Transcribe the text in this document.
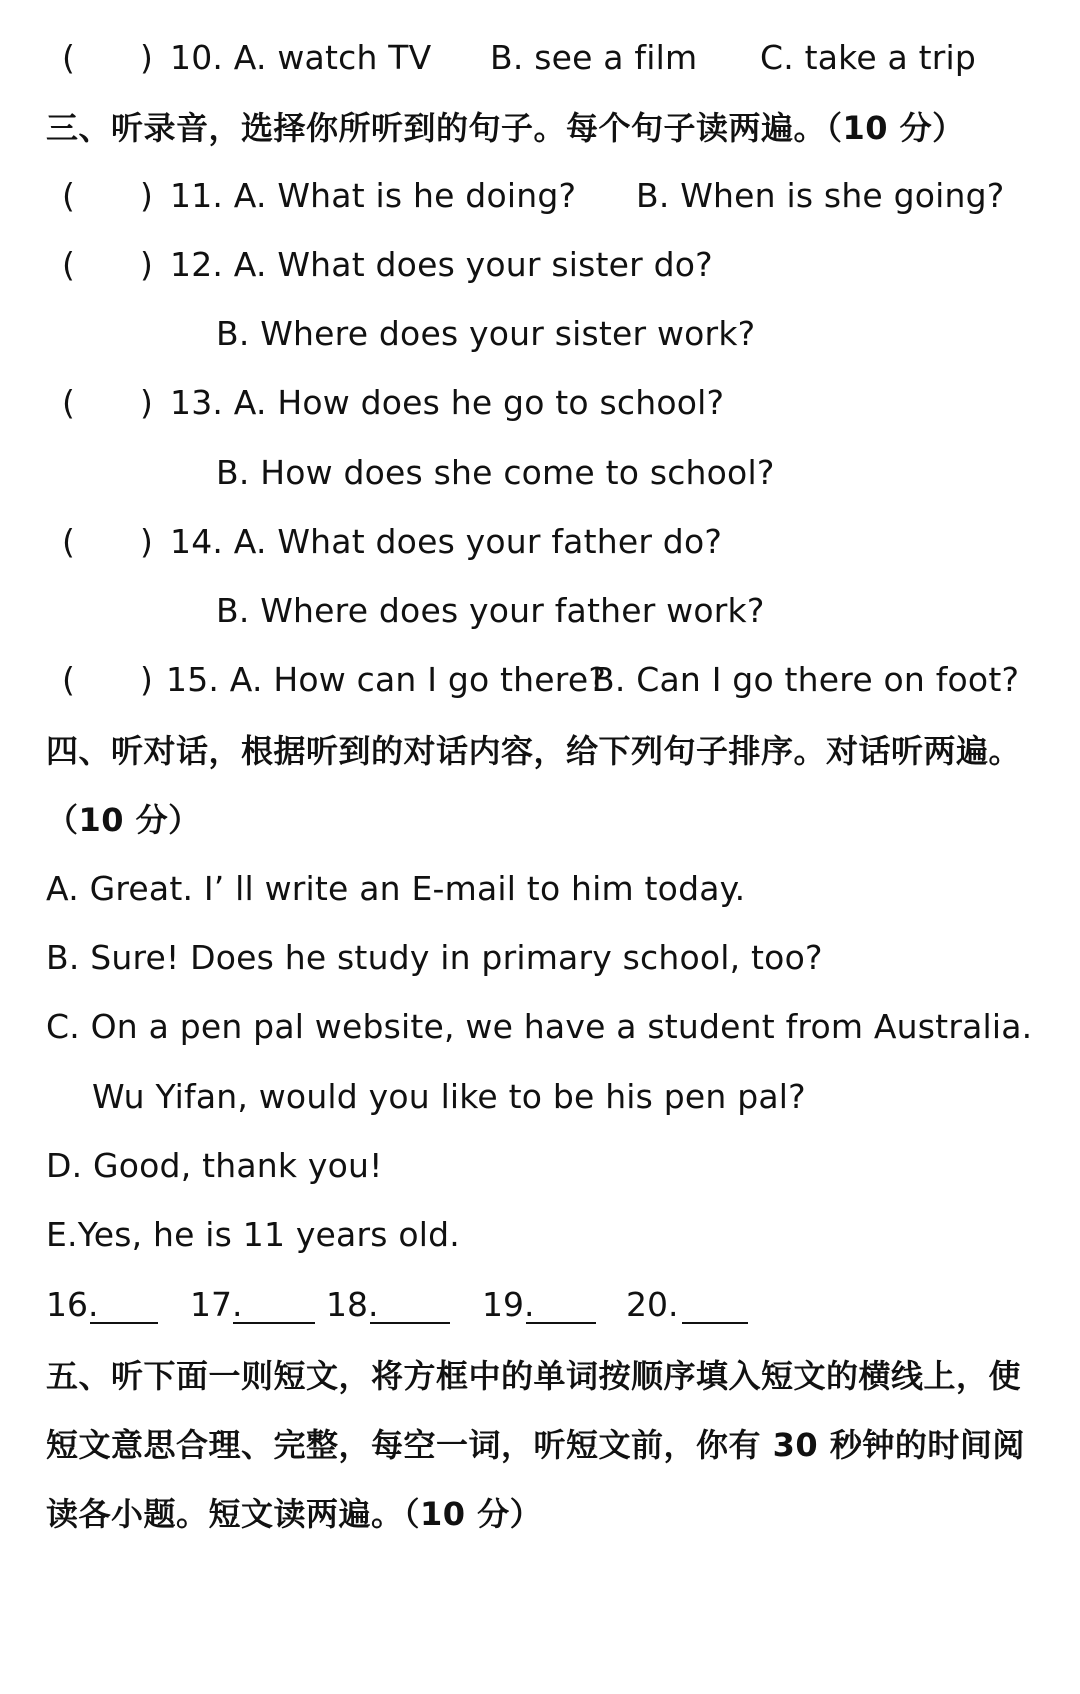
( ) 10. A. watch TV B. see a film C. take a trip
三、听录音，选择你所听到的句子。每个句子读两遍。（10 分）
( ) 11. A. What is he doing? B. When is she going?
( ) 12. A. What does your sister do?
B. Where does your sister work?
( ) 13. A. How does he go to school?
B. How does she come to school?
( ) 14. A. What does your father do?
B. Where does your father work?
( ) 15. A. How can I go there?
B. Can I go there on foot?
四、听对话，根据听到的对话内容，给下列句子排序。对话听两遍。
（10 分）
A. Great. I’ ll write an E-mail to him today.
B. Sure! Does he study in primary school, too?
C. On a pen pal website, we have a student from Australia.
Wu Yifan, would you like to be his pen pal?
D. Good, thank you!
E.Yes, he is 11 years old.
16.	17.	18.	19.	20.
五、听下面一则短文，将方框中的单词按顺序填入短文的横线上，使
短文意思合理、完整，每空一词，听短文前，你有 30 秒钟的时间阅
读各小题。短文读两遍。（10 分）
